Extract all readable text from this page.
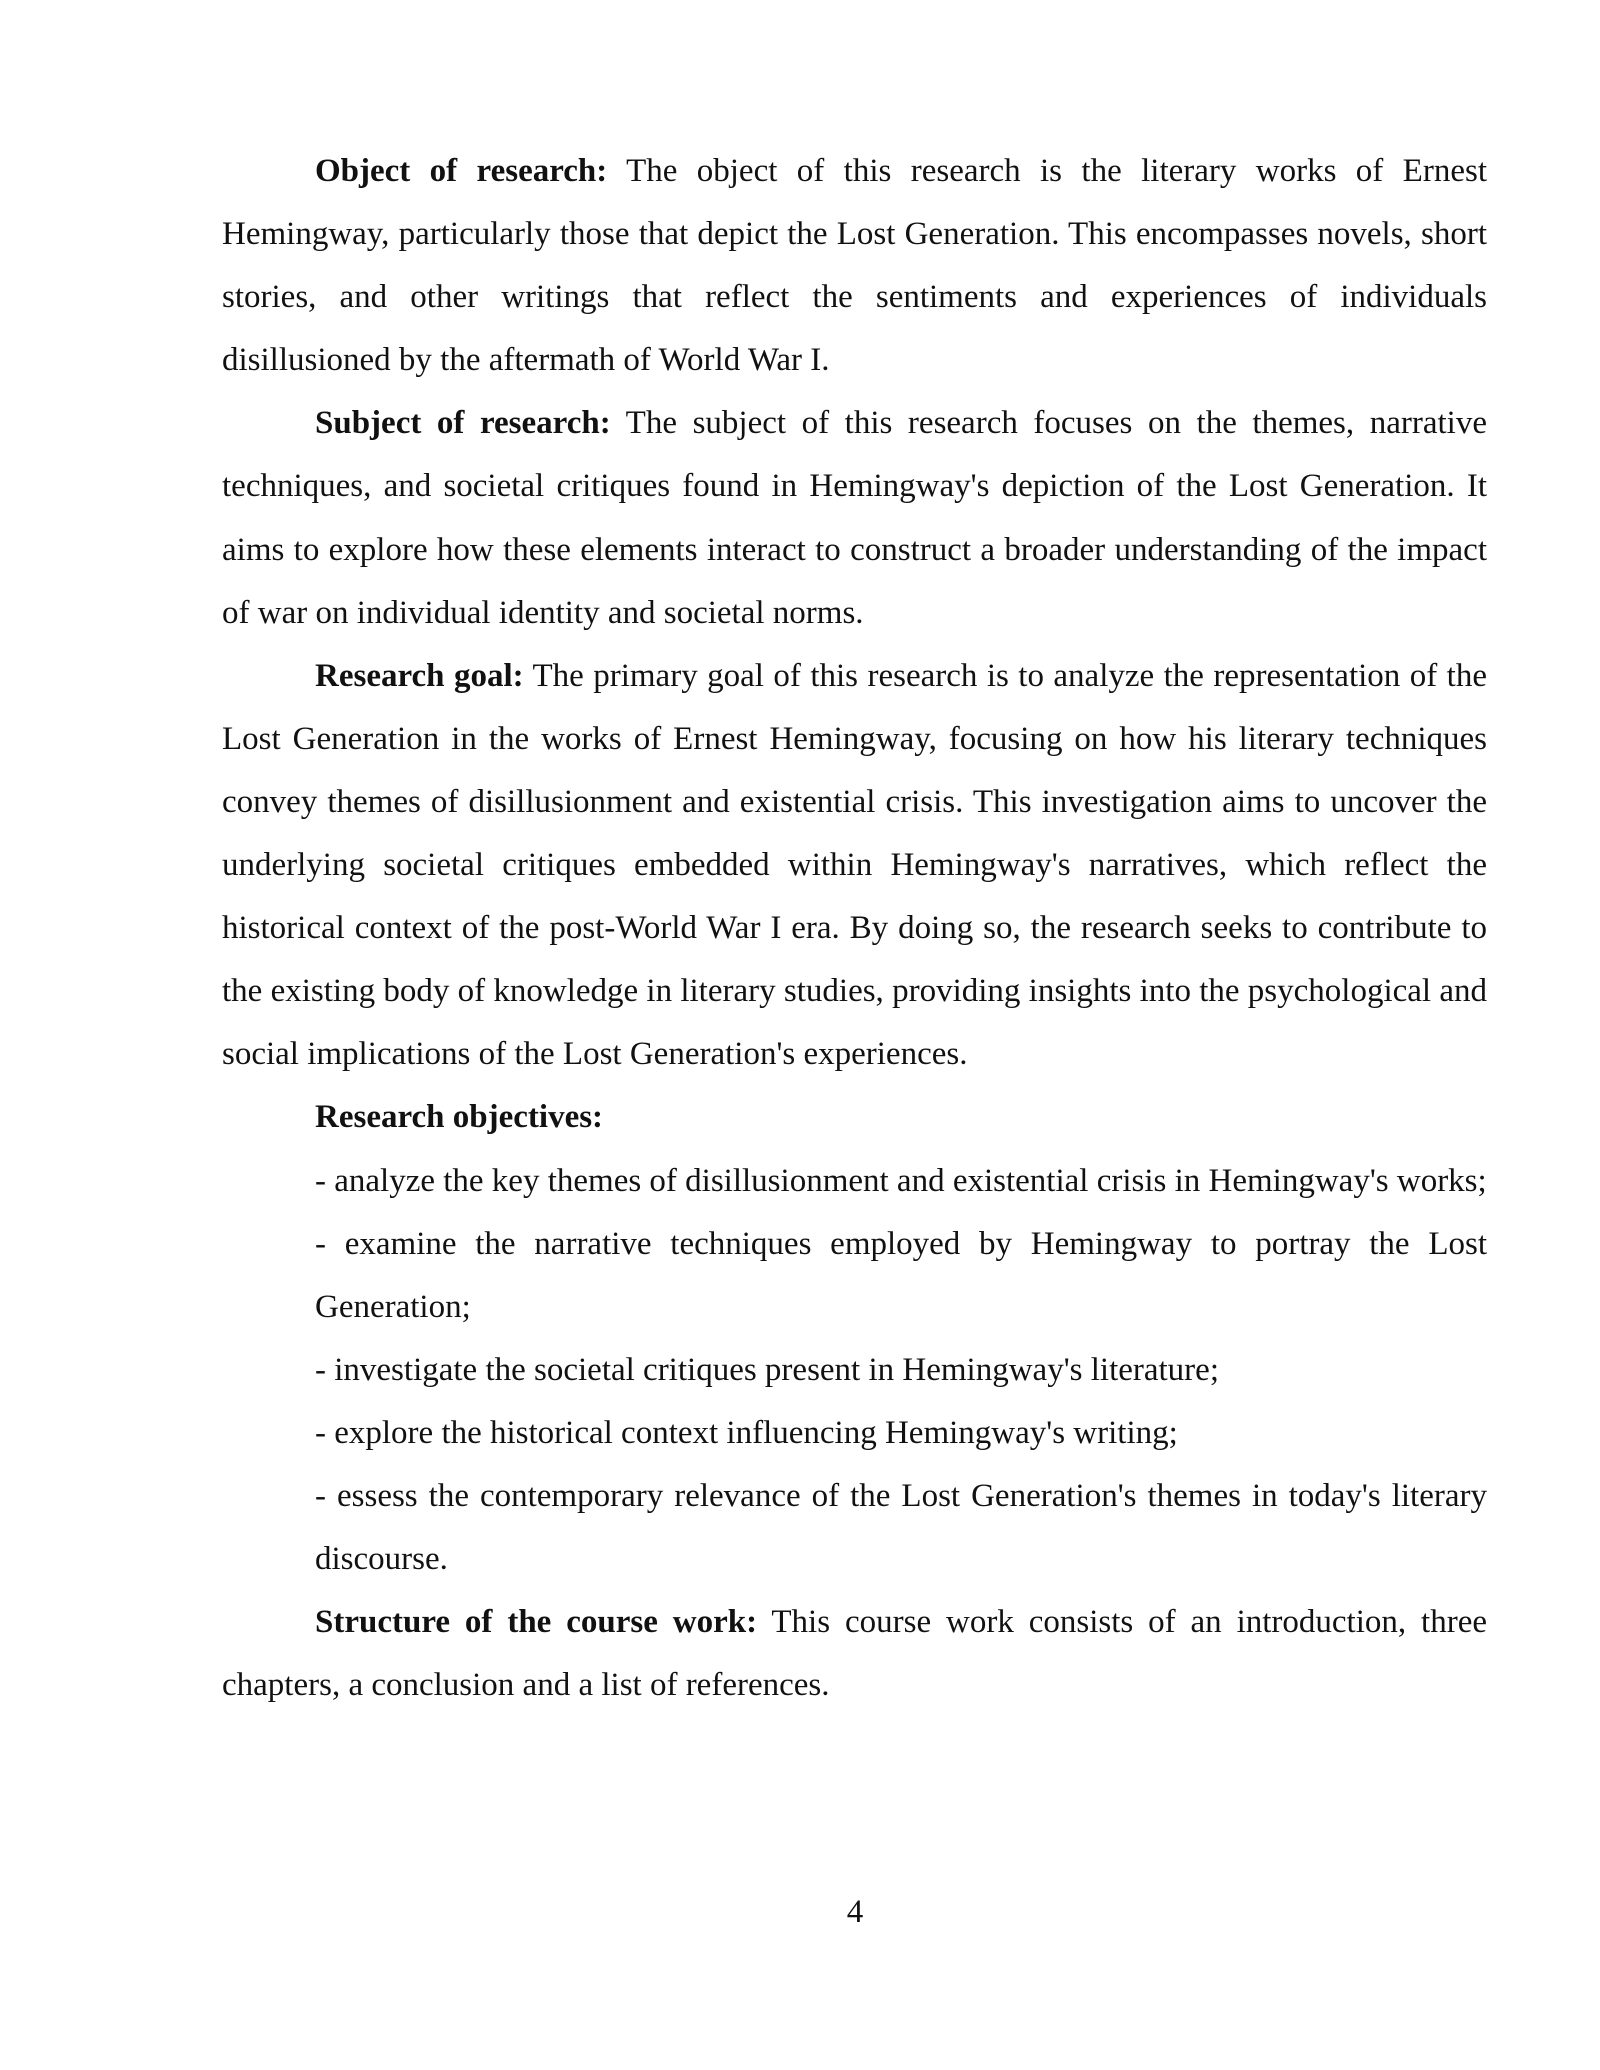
Object of research: The object of this research is the literary works of Ernest Hemingway, particularly those that depict the Lost Generation. This encompasses novels, short stories, and other writings that reflect the sentiments and experiences of individuals disillusioned by the aftermath of World War I.

Subject of research: The subject of this research focuses on the themes, narrative techniques, and societal critiques found in Hemingway's depiction of the Lost Generation. It aims to explore how these elements interact to construct a broader understanding of the impact of war on individual identity and societal norms.

Research goal: The primary goal of this research is to analyze the representation of the Lost Generation in the works of Ernest Hemingway, focusing on how his literary techniques convey themes of disillusionment and existential crisis. This investigation aims to uncover the underlying societal critiques embedded within Hemingway's narratives, which reflect the historical context of the post-World War I era. By doing so, the research seeks to contribute to the existing body of knowledge in literary studies, providing insights into the psychological and social implications of the Lost Generation's experiences.

Research objectives:

- analyze the key themes of disillusionment and existential crisis in Hemingway's works;

- examine the narrative techniques employed by Hemingway to portray the Lost Generation;

- investigate the societal critiques present in Hemingway's literature;

- explore the historical context influencing Hemingway's writing;

- essess the contemporary relevance of the Lost Generation's themes in today's literary discourse.

Structure of the course work: This course work consists of an introduction, three chapters, a conclusion and a list of references.

4
